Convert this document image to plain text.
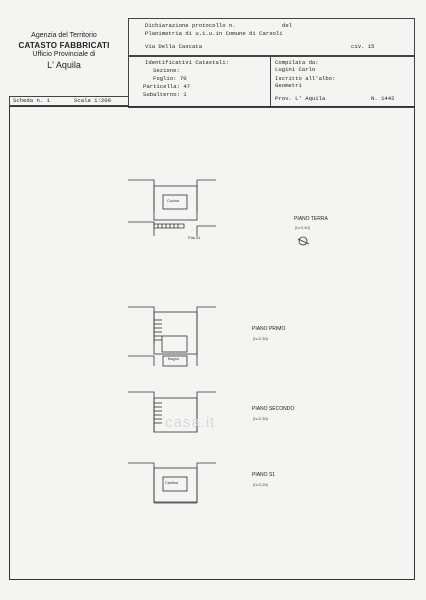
Agenzia del Territorio
CATASTO FABBRICATI
Ufficio Provinciale di
L' Aquila
Dichiarazione protocollo n.	del
Planimetria di u.i.u.in Comune di Carsoli
Via Della Cascata	civ. 15
Identificativi Catastali:
Sezione:
Foglio: 70
Particella: 47
Subalterno: 1
Compilata da:
Lugini Carlo
Iscritto all'albo:
Geometri
Prov. L' Aquila	N. 1442
Scheda n. 1	Scala 1:200
PIANO TERRA
(h=2,40)
Cucina
P.lla 51
PIANO PRIMO
(h=2,30)
Bagno
PIANO SECONDO
(h=2,30)
PIANO S1
(h=2,20)
Cantina
casa.it
